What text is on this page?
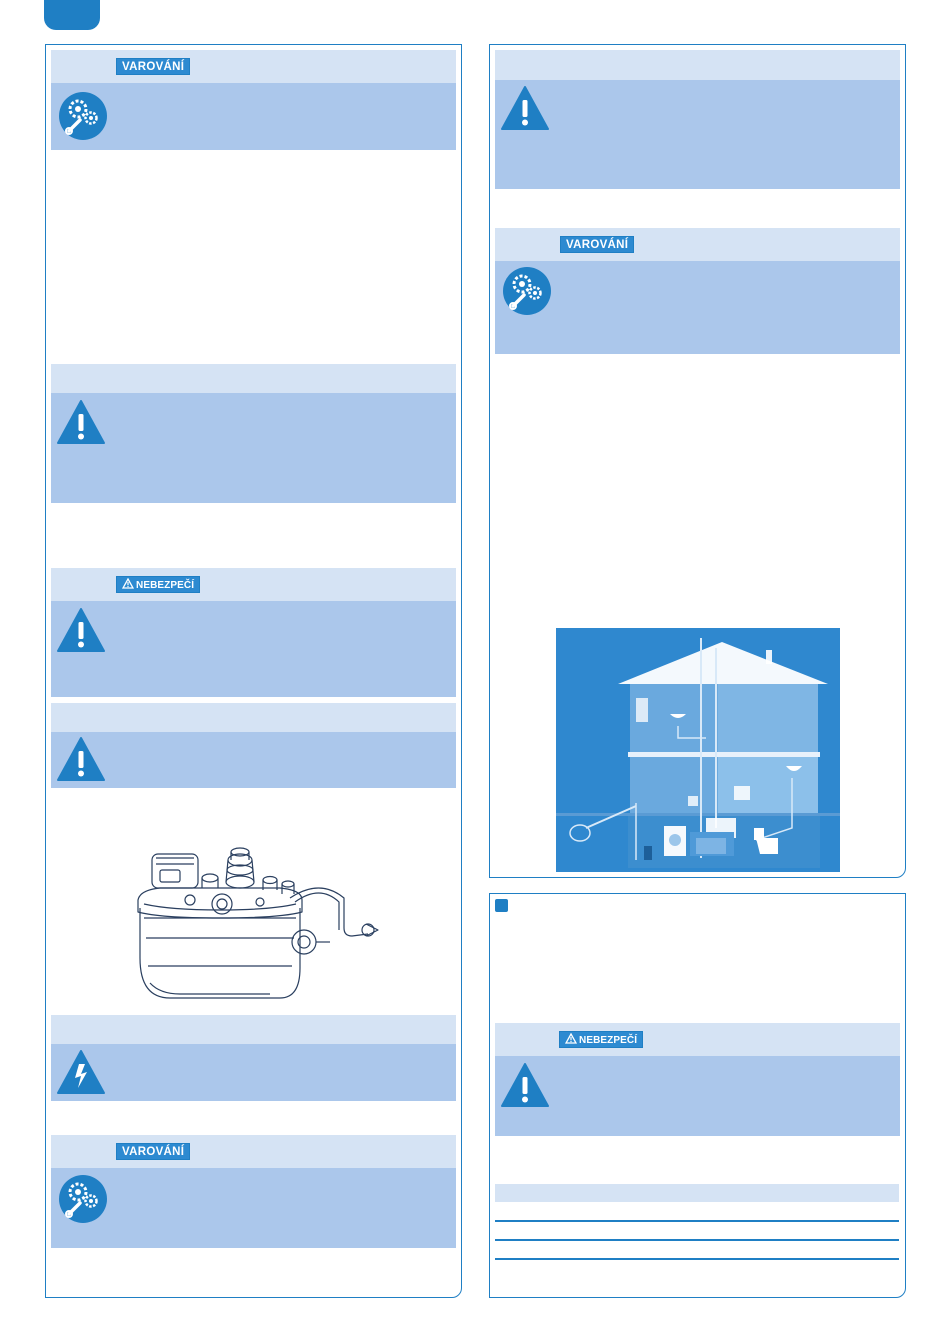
VAROVÁNÍ
NEBEZPEČÍ
VAROVÁNÍ
VAROVÁNÍ
NEBEZPEČÍ
